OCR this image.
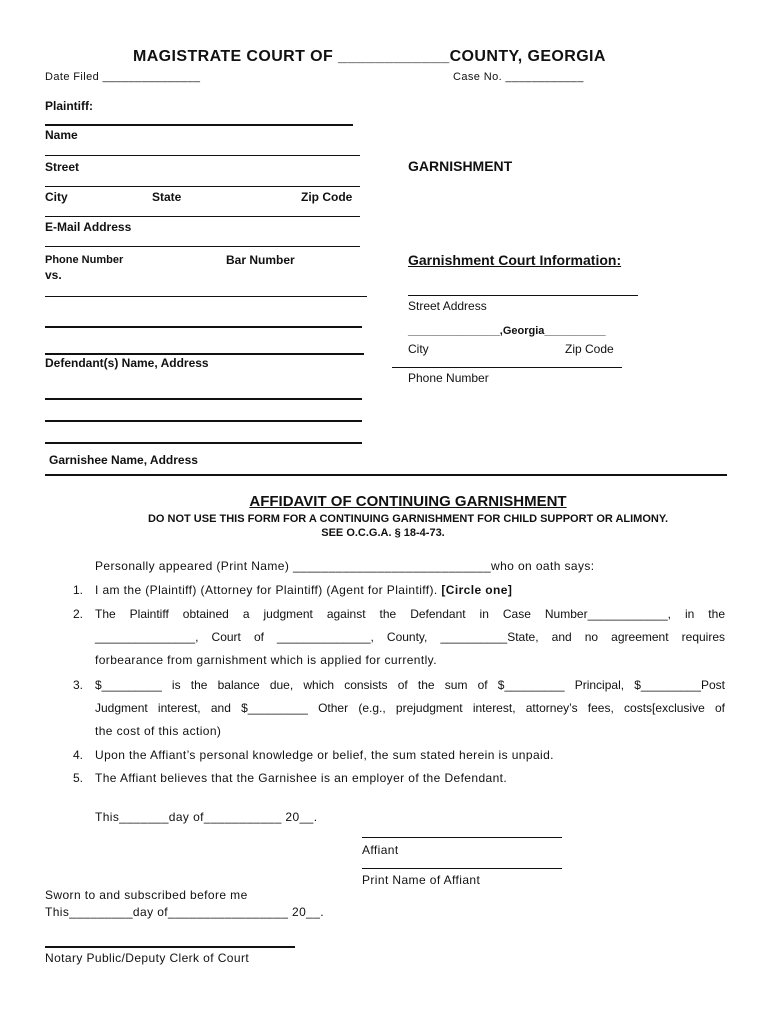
MAGISTRATE COURT OF ____________COUNTY, GEORGIA
Date Filed _______________	Case No. ____________
Plaintiff:
Name
Street
City	State	Zip Code
E-Mail Address
Phone Number	Bar Number
vs.
Defendant(s) Name, Address
Garnishee Name, Address
GARNISHMENT
Garnishment Court Information:
Street Address
_______________,Georgia__________
City	Zip Code
Phone Number
AFFIDAVIT OF CONTINUING GARNISHMENT
DO NOT USE THIS FORM FOR A CONTINUING GARNISHMENT FOR CHILD SUPPORT OR ALIMONY.
SEE O.C.G.A. § 18-4-73.
Personally appeared (Print Name) ____________________________who on oath says:
1. I am the (Plaintiff) (Attorney for Plaintiff) (Agent for Plaintiff). [Circle one]
2. The Plaintiff obtained a judgment against the Defendant in Case Number____________, in the
_______________, Court of ______________, County, __________State, and no agreement requires
forbearance from garnishment which is applied for currently.
3. $_________ is the balance due, which consists of the sum of $_________ Principal, $_________Post
Judgment interest, and $_________ Other (e.g., prejudgment interest, attorney’s fees, costs[exclusive of
the cost of this action)
4. Upon the Affiant’s personal knowledge or belief, the sum stated herein is unpaid.
5. The Affiant believes that the Garnishee is an employer of the Defendant.
This_______day of___________ 20__.
Affiant
Print Name of Affiant
Sworn to and subscribed before me
This_________day of_________________ 20__.
Notary Public/Deputy Clerk of Court
